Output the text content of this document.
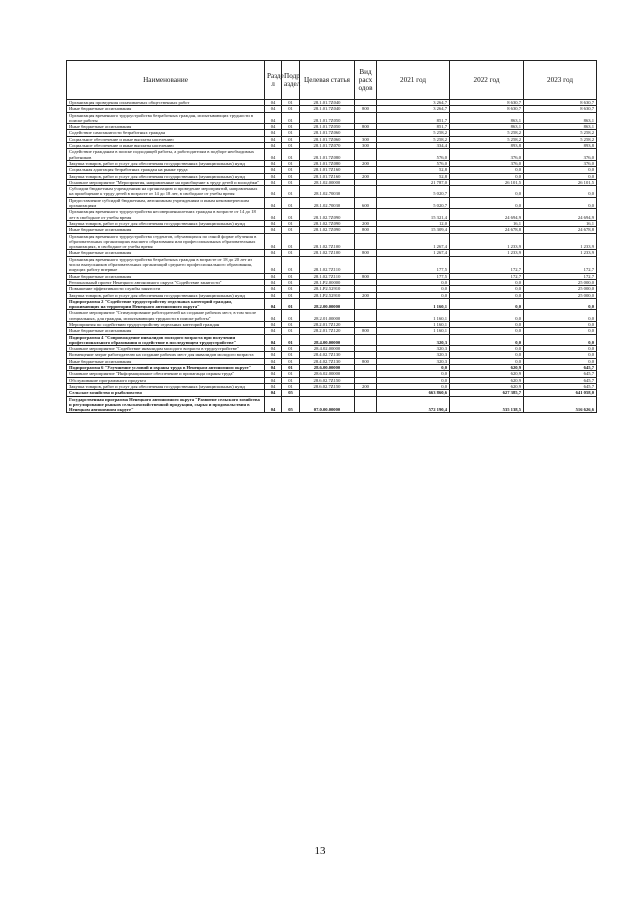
Наименование	Разде л	Подр аздел	Целевая статья	Вид расх одов	2021 год	2022 год	2023 год
Организация проведения оплачиваемых общественных работ	04	01	28.1.01.7Z040		3 264,7	8 630,7	8 630,7
Иные бюджетные ассигнования	04	01	28.1.01.7Z040	800	3 264,7	8 630,7	8 630,7
Организация временного трудоустройства безработных граждан, испытывающих трудности в поиске работы	04	01	28.1.01.7Z050		851,7	863,1	863,1
Иные бюджетные ассигнования	04	01	28.1.01.7Z050	800	851,7	863,1	863,1
Содействие самозанятости безработных граждан	04	01	28.1.01.7Z060		5 258,2	5 258,2	5 258,2
Социальное обеспечение и иные выплаты населению	04	01	28.1.01.7Z060	300	5 258,2	5 258,2	5 258,2
Социальное обеспечение и иные выплаты населению	04	01	28.1.01.7Z070	300	334,4	893,8	893,8
Содействие гражданам в поиске подходящей работы, а работодателям в подборе необходимых работников	04	01	28.1.01.7Z080		576,0	376,0	376,0
Закупка товаров, работ и услуг для обеспечения государственных (муниципальных) нужд	04	01	28.1.01.7Z080	200	576,0	376,0	376,0
Социальная адаптация безработных граждан на рынке труда	04	01	28.1.01.7Z160		52,8	0,0	0,0
Закупка товаров, работ и услуг для обеспечения государственных (муниципальных) нужд	04	01	28.1.01.7Z160	200	52,8	0,0	0,0
Основное мероприятие "Мероприятия, направленные на приобщение к труду детей и молодёжи"	04	01	28.1.02.00000		21 787,0	26 101,5	26 101,5
Субсидии бюджетным учреждениям на организацию и проведение мероприятий, направленных на приобщение к труду детей в возрасте от 14 до 18 лет, в свободное от учебы время	04	01	28.1.02.70030		5 020,7	0,0	0,0
Предоставление субсидий бюджетным, автономным учреждениям и иным некоммерческим организациям	04	01	28.1.02.70030	600	5 020,7	0,0	0,0
Организация временного трудоустройства несовершеннолетних граждан в возрасте от 14 до 18 лет в свободное от учебы время	04	01	28.1.02.7Z090		15 321,4	24 694,9	24 694,9
Закупка товаров, работ и услуг для обеспечения государственных (муниципальных) нужд	04	01	28.1.02.7Z090	200	12,0	16,1	16,1
Иные бюджетные ассигнования	04	01	28.1.02.7Z090	800	15 309,4	24 678,8	24 678,8
Организация временного трудоустройства студентов, обучающихся по очной форме обучения в образовательных организациях высшего образования или профессиональных образовательных организациях, в свободное от учебы время	04	01	28.1.02.7Z100		1 267,4	1 233,9	1 233,9
Иные бюджетные ассигнования	04	01	28.1.02.7Z100	800	1 267,4	1 233,9	1 233,9
Организация временного трудоустройства безработных граждан в возрасте от 18 до 20 лет из числа выпускников образовательных организаций среднего профессионального образования, ищущих работу впервые	04	01	28.1.02.7Z110		177,5	172,7	172,7
Иные бюджетные ассигнования	04	01	28.1.02.7Z110	800	177,5	172,7	172,7
Региональный проект Ненецкого автономного округа "Содействие занятости"	04	01	28.1.P2.00000		0,0	0,0	25 000,0
Повышение эффективности службы занятости	04	01	28.1.P2.52910		0,0	0,0	25 000,0
Закупка товаров, работ и услуг для обеспечения государственных (муниципальных) нужд	04	01	28.1.P2.52910	200	0,0	0,0	25 000,0
Подпрограмма 2 "Содействие трудоустройству отдельных категорий граждан, проживающих на территории Ненецкого автономного округа"	04	01	28.2.00.00000		1 160,1	0,0	0,0
Основное мероприятие "Стимулирование работодателей на создание рабочих мест, в том числе специальных, для граждан, испытывающих трудности в поиске работы"	04	01	28.2.01.00000		1 160,1	0,0	0,0
Мероприятия по содействию трудоустройству отдельных категорий граждан	04	01	28.2.01.7Z120		1 160,1	0,0	0,0
Иные бюджетные ассигнования	04	01	28.2.01.7Z120	800	1 160,1	0,0	0,0
Подпрограмма 4 "Сопровождение инвалидов молодого возраста при получении профессионального образования и содействие в последующем трудоустройстве"	04	01	28.4.00.00000		320,3	0,0	0,0
Основное мероприятие "Содействие инвалидам молодого возраста в трудоустройстве"	04	01	28.4.02.00000		320,3	0,0	0,0
Возмещение затрат работодателю на создание рабочих мест для инвалидов молодого возраста	04	01	28.4.02.7Z130		320,3	0,0	0,0
Иные бюджетные ассигнования	04	01	28.4.02.7Z130	800	320,3	0,0	0,0
Подпрограмма 6 "Улучшение условий и охраны труда в Ненецком автономном округе"	04	01	28.6.00.00000		0,0	620,9	645,7
Основное мероприятие "Информационное обеспечение и пропаганда охраны труда"	04	01	28.6.02.00000		0,0	620,9	645,7
Обслуживание программного продукта	04	01	28.6.02.7Z150		0,0	620,9	645,7
Закупка товаров, работ и услуг для обеспечения государственных (муниципальных) нужд	04	01	28.6.02.7Z150	200	0,0	620,9	645,7
Сельское хозяйство и рыболовство	04	05			663 860,6	627 385,7	641 058,0
Государственная программа Ненецкого автономного округа "Развитие сельского хозяйства и регулирование рынков сельскохозяйственной продукции, сырья и продовольствия в Ненецком автономном округе"	04	05	07.0.00.00000		572 190,4	535 138,5	516 626,6
13
